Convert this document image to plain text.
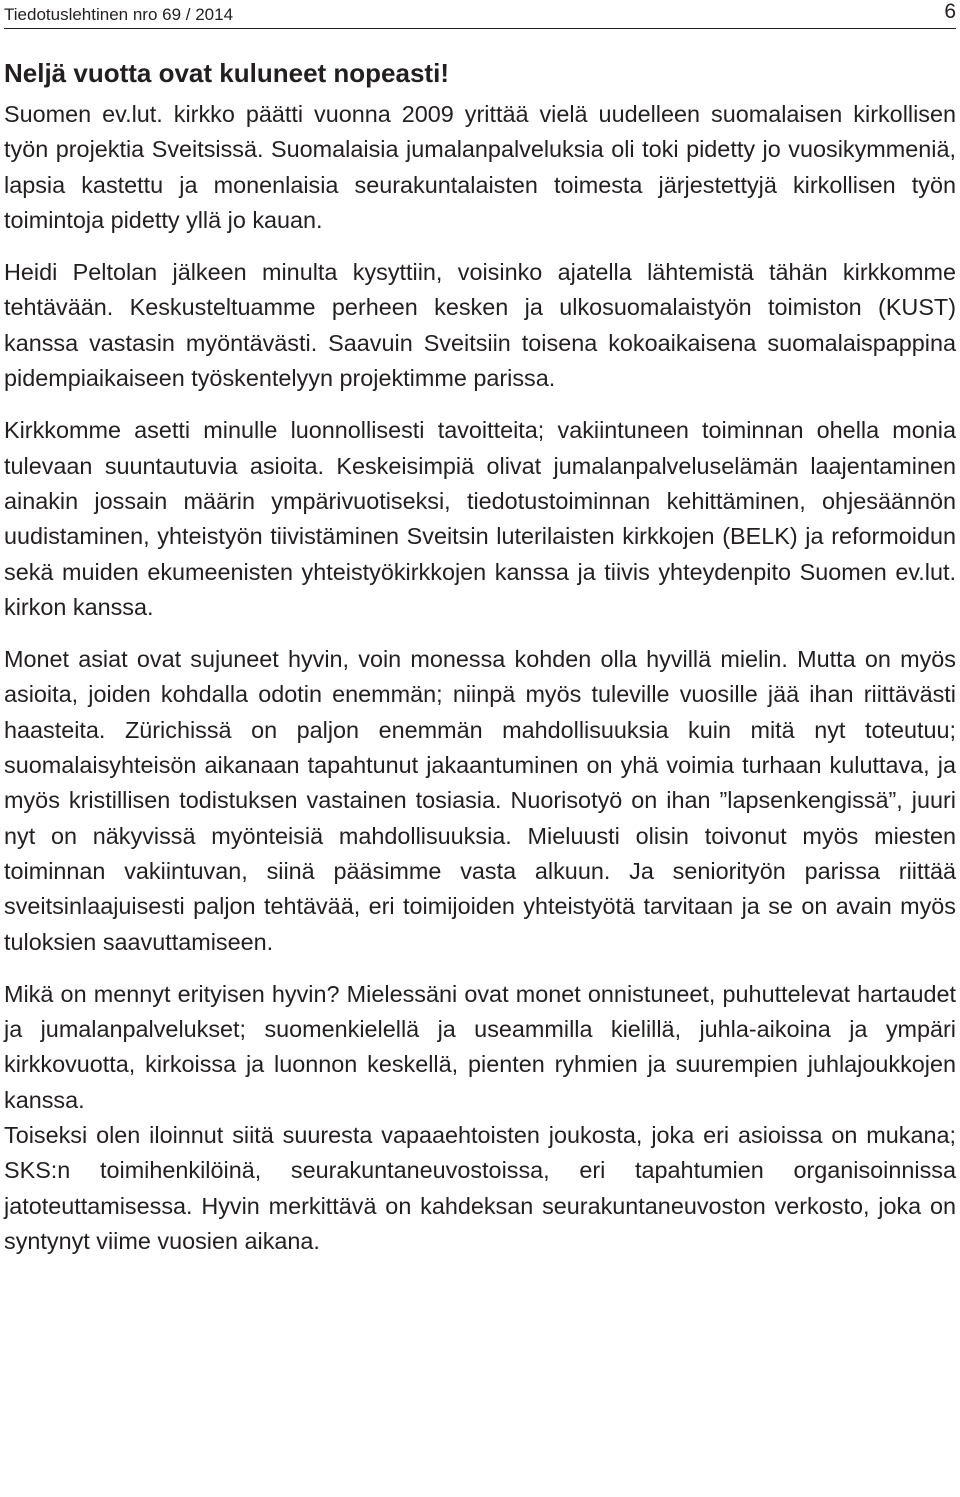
Tiedotuslehtinen nro 69 / 2014	6
Neljä vuotta ovat kuluneet nopeasti!

Suomen ev.lut. kirkko päätti vuonna 2009 yrittää vielä uudelleen suomalaisen kirkollisen työn projektia Sveitsissä. Suomalaisia jumalanpalveluksia oli toki pidetty jo vuosikymmeniä, lapsia kastettu ja monenlaisia seurakuntalaisten toimesta järjestettyjä kirkollisen työn toimintoja pidetty yllä jo kauan.

Heidi Peltolan jälkeen minulta kysyttiin, voisinko ajatella lähtemistä tähän kirkkomme tehtävään. Keskusteltuamme perheen kesken ja ulkosuomalaistyön toimiston (KUST) kanssa vastasin myöntävästi. Saavuin Sveitsiin toisena kokoaikaisena suomalaispappina pidempiaikaiseen työskentelyyn projektimme parissa.

Kirkkomme asetti minulle luonnollisesti tavoitteita; vakiintuneen toiminnan ohella monia tulevaan suuntautuvia asioita. Keskeisimpiä olivat jumalanpalveluselämän laajentaminen ainakin jossain määrin ympärivuotiseksi, tiedotustoiminnan kehittäminen, ohjesäännön uudistaminen, yhteistyön tiivistäminen Sveitsin luterilaisten kirkkojen (BELK) ja reformoidun sekä muiden ekumeenisten yhteistyökirkkojen kanssa ja tiivis yhteydenpito Suomen ev.lut. kirkon kanssa.

Monet asiat ovat sujuneet hyvin, voin monessa kohden olla hyvillä mielin. Mutta on myös asioita, joiden kohdalla odotin enemmän; niinpä myös tuleville vuosille jää ihan riittävästi haasteita. Zürichissä on paljon enemmän mahdollisuuksia kuin mitä nyt toteutuu; suomalaisyhteisön aikanaan tapahtunut jakaantuminen on yhä voimia turhaan kuluttava, ja myös kristillisen todistuksen vastainen tosiasia. Nuorisotyö on ihan ”lapsenkengissä”, juuri nyt on näkyvissä myönteisiä mahdollisuuksia. Mieluusti olisin toivonut myös miesten toiminnan vakiintuvan, siinä pääsimme vasta alkuun. Ja seniorityön parissa riittää sveitsinlaajuisesti paljon tehtävää, eri toimijoiden yhteistyötä tarvitaan ja se on avain myös tuloksien saavuttamiseen.

Mikä on mennyt erityisen hyvin? Mielessäni ovat monet onnistuneet, puhuttelevat hartaudet ja jumalanpalvelukset; suomenkielellä ja useammilla kielillä, juhla-aikoina ja ympäri kirkkovuotta, kirkoissa ja luonnon keskellä, pienten ryhmien ja suurempien juhlajoukkojen kanssa.

Toiseksi olen iloinnut siitä suuresta vapaaehtoisten joukosta, joka eri asioissa on mukana; SKS:n toimihenkilöinä, seurakuntaneuvostoissa, eri tapahtumien organisoinnissa jatoteuttamisessa. Hyvin merkittävä on kahdeksan seurakuntaneuvoston verkosto, joka on syntynyt viime vuosien aikana.
